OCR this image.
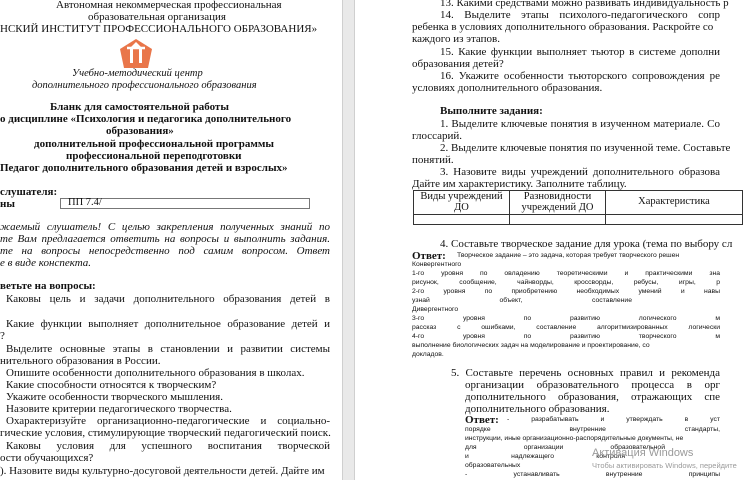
Автономная некоммерческая профессиональная
образовательная организация
НСКИЙ ИНСТИТУТ ПРОФЕССИОНАЛЬНОГО ОБРАЗОВАНИЯ»
Учебно-методический центр
дополнительного профессионального образования
Бланк для самостоятельной работы
о дисциплине «Психология и педагогика дополнительного
образования»
дополнительной профессиональной программы
профессиональной переподготовки
Педагог дополнительного образования детей и взрослых»
слушателя:
ны	ПП 7.4/
жаемый слушатель! С целью закрепления полученных знаний по
те Вам предлагается ответить на вопросы и выполнить задания.
те на вопросы непосредственно под самим вопросом. Ответ
е в виде конспекта.
ветьте на вопросы:
Каковы цель и задачи дополнительного образования детей в
Какие функции выполняет дополнительное образование детей и
?
Выделите основные этапы в становлении и развитии системы
нительного образования в России.
Опишите особенности дополнительного образования в школах.
Какие способности относятся к творческим?
Укажите особенности творческого мышления.
Назовите критерии педагогического творчества.
Охарактеризуйте организационно-педагогические и социально-
гические условия, стимулирующие творческий педагогический поиск.
Каковы условия для успешного воспитания творческой
ости обучающихся?
). Назовите виды культурно-досуговой деятельности детей. Дайте им
13. Какими средствами можно развивать индивидуальность р
14. Выделите этапы психолого-педагогического сопр
ребенка в условиях дополнительного образования. Раскройте со
каждого из этапов.
15. Какие функции выполняет тьютор в системе дополни
образования детей?
16. Укажите особенности тьюторского сопровождения ре
условиях дополнительного образования.
Выполните задания:
1. Выделите ключевые понятия в изученном материале. Со
глоссарий.
2. Выделите ключевые понятия по изученной теме. Составьте
понятий.
3. Назовите виды учреждений дополнительного образова
Дайте им характеристику. Заполните таблицу.
Виды учреждений ДО	Разновидности учреждений ДО	Характеристика

4. Составьте творческое задание для урока (тема по выбору сл
Ответ: Творческое задание – это задача, которая требует творческого решен
Конвергентного
1-го уровня по овладению теоретическими и практическими зна
рисунок, сообщение, чайнворды, кроссворды, ребусы, игры, р
2-го уровня по приобретению необходимых умений и навы
узнай объект, составление
Дивергентного
3-го уровня по развитию логического м
рассказ с ошибками, составление алгоритмизированных логически
4-го уровня по развитию творческого м
выполнение биологических задач на моделирование и проектирование, со
докладов.
5. Составьте перечень основных правил и рекоменда
организации образовательного процесса в орг
дополнительного образования, отражающих спе
дополнительного образования.
Ответ: - разрабатывать и утверждать в уст
порядке внутренние стандарты,
инструкции, иные организационно-распорядительные документы, не
для организации образовательной
и надлежащего контроля
образовательных
- устанавливать внутренние принципы
Активация Windows
Чтобы активировать Windows, перейдите
